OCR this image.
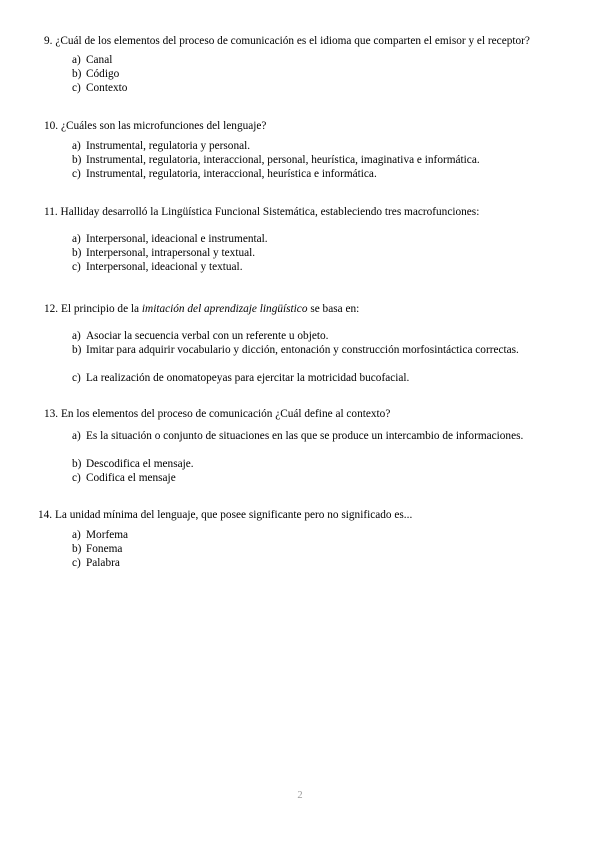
9. ¿Cuál de los elementos del proceso de comunicación es el idioma que comparten el emisor y el receptor?
a) Canal
b) Código
c) Contexto
10. ¿Cuáles son las microfunciones del lenguaje?
a) Instrumental, regulatoria y personal.
b) Instrumental, regulatoria, interaccional, personal, heurística, imaginativa e informática.
c) Instrumental, regulatoria, interaccional, heurística e informática.
11. Halliday desarrolló la Lingüística Funcional Sistemática, estableciendo tres macrofunciones:
a) Interpersonal, ideacional e instrumental.
b) Interpersonal, intrapersonal y textual.
c) Interpersonal, ideacional y textual.
12. El principio de la imitación del aprendizaje lingüístico se basa en:
a) Asociar la secuencia verbal con un referente u objeto.
b) Imitar para adquirir vocabulario y dicción, entonación y construcción morfosintáctica correctas.
c) La realización de onomatopeyas para ejercitar la motricidad bucofacial.
13. En los elementos del proceso de comunicación ¿Cuál define al contexto?
a) Es la situación o conjunto de situaciones en las que se produce un intercambio de informaciones.
b) Descodifica el mensaje.
c) Codifica el mensaje
14. La unidad mínima del lenguaje, que posee significante pero no significado es...
a) Morfema
b) Fonema
c) Palabra
2
